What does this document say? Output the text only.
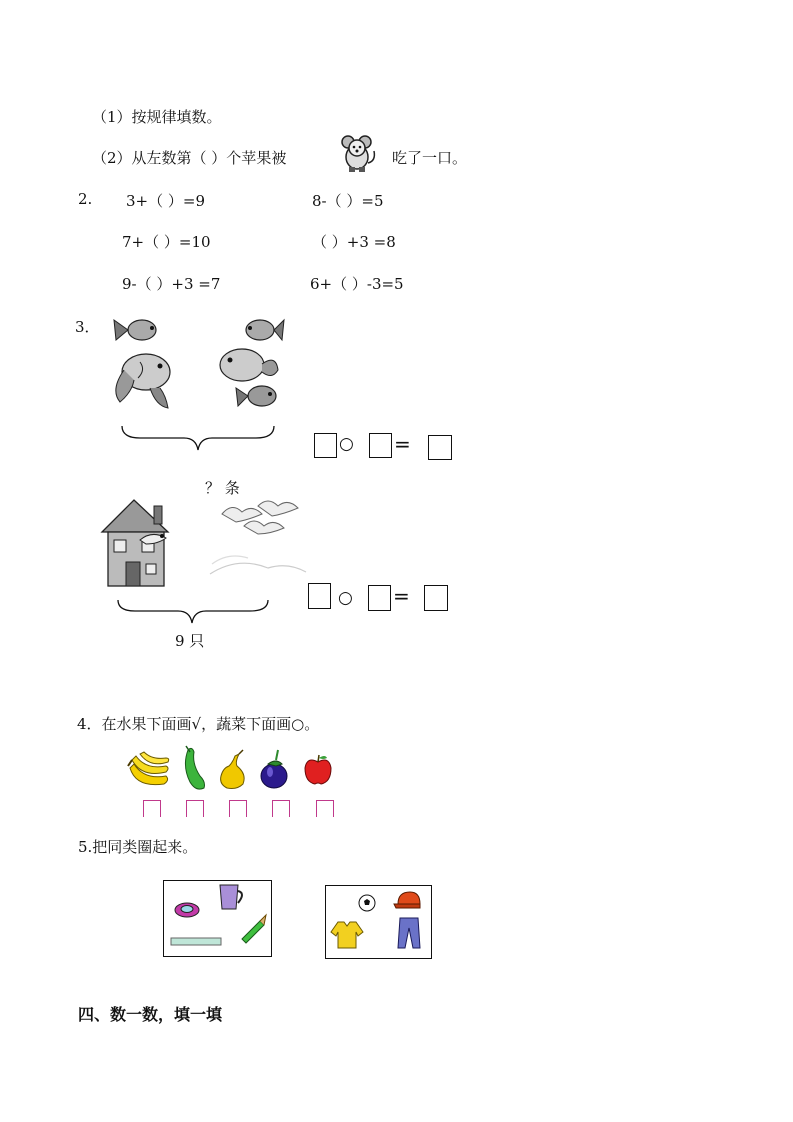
（1）按规律填数。
（2）从左数第（ ）个苹果被	吃了一口。
2. 3+（ ）=9	8-（ ）=5
7+（ ）=10	（ ）+3 =8
9-（ ）+3 =7	6+（ ）-3=5
3．
○ =
？ 条
○ =
9 只
4．在水果下面画√，蔬菜下面画○。
5.把同类圈起来。
四、数一数，填一填
